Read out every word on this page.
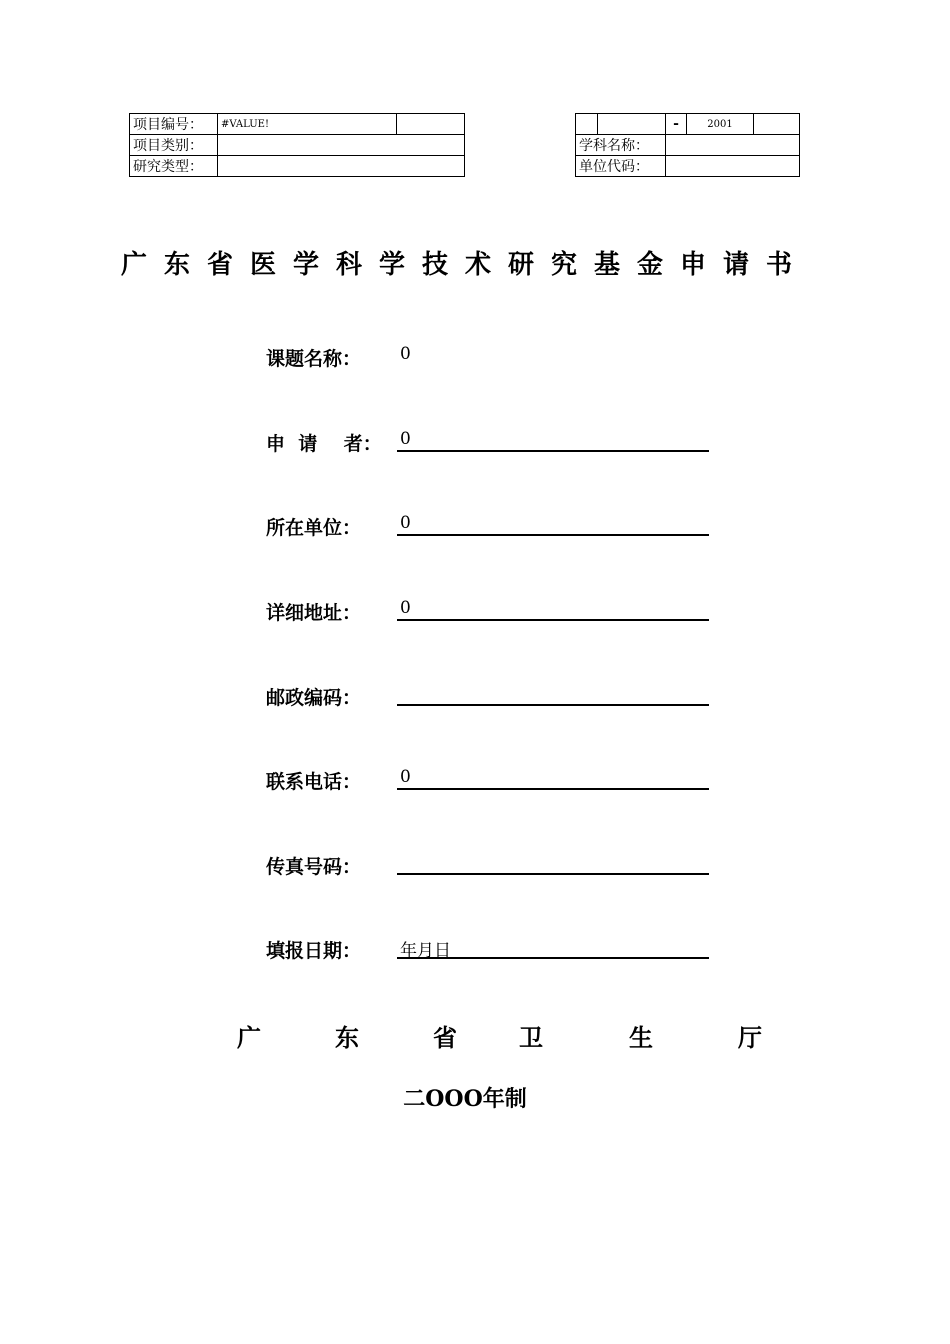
项目编号：	#VALUE!	
项目类别：		
研究类型：		
		-	2001	
学科名称：				
单位代码：				
广东省医学科学技术研究基金申请书
课题名称： 0
申  请    者： 0
所在单位： 0
详细地址： 0
邮政编码：
联系电话： 0
传真号码：
填报日期： 年月日
广	东	省	卫	生	厅
二OOO年制
